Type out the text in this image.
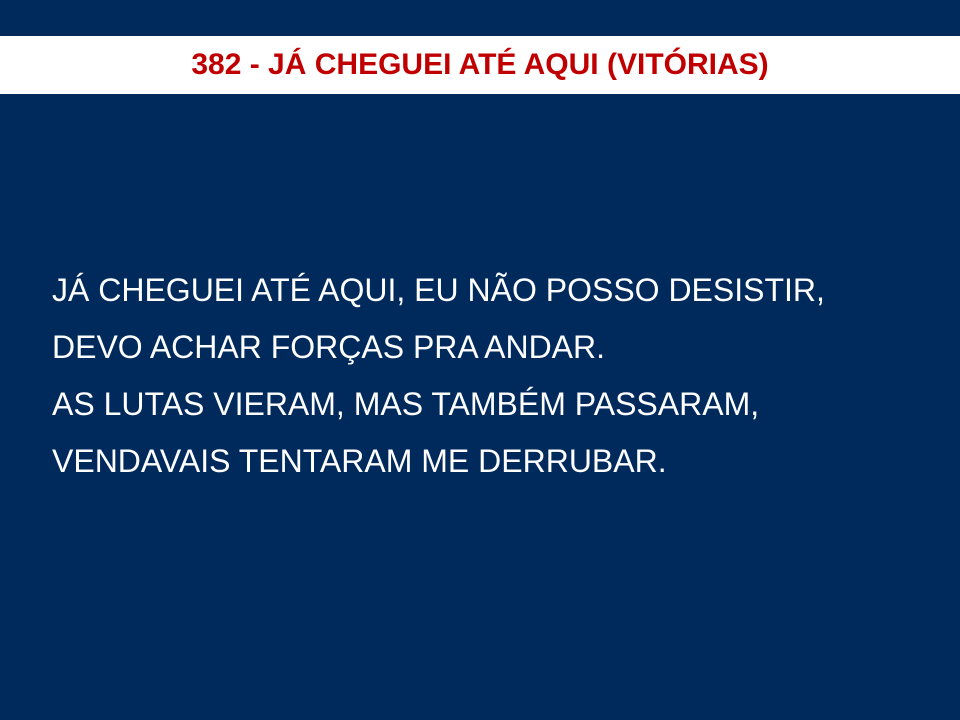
382 - JÁ CHEGUEI ATÉ AQUI (VITÓRIAS)
JÁ CHEGUEI ATÉ AQUI, EU NÃO POSSO DESISTIR,
DEVO ACHAR FORÇAS PRA ANDAR.
AS LUTAS VIERAM, MAS TAMBÉM PASSARAM,
VENDAVAIS TENTARAM ME DERRUBAR.
